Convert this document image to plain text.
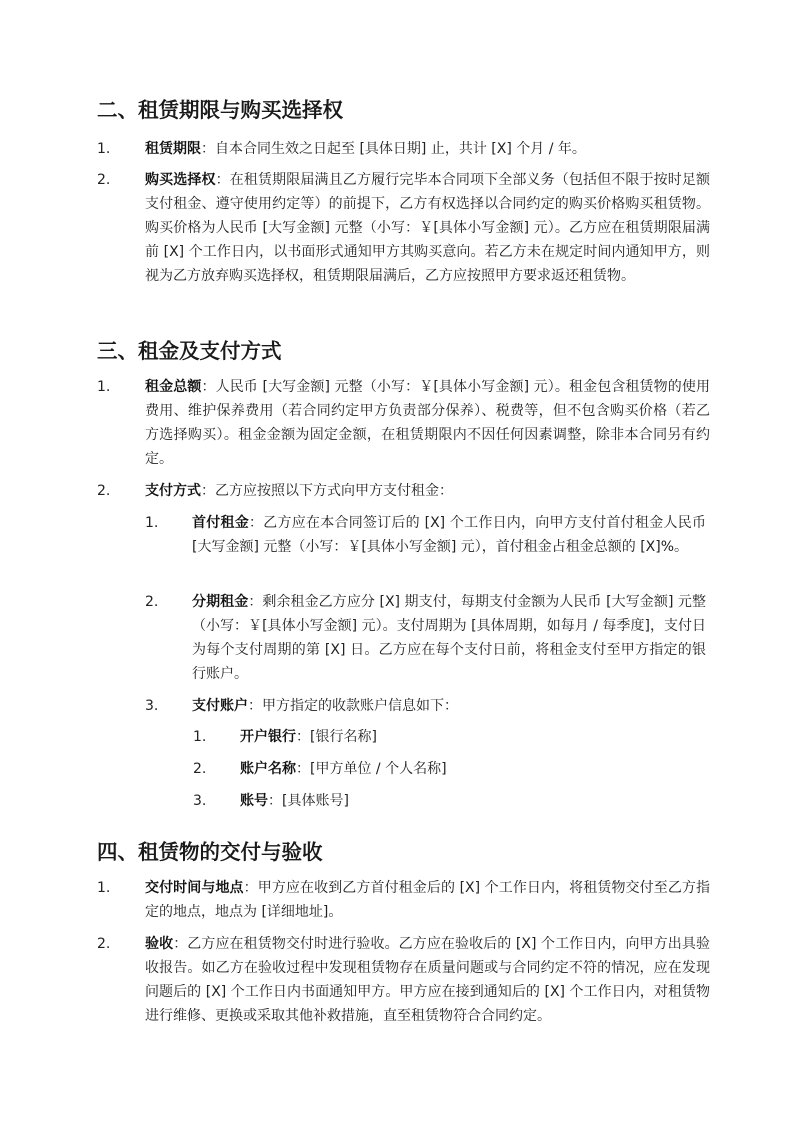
二、租赁期限与购买选择权
1. 租赁期限：自本合同生效之日起至 [具体日期] 止，共计 [X] 个月 / 年。
2. 购买选择权：在租赁期限届满且乙方履行完毕本合同项下全部义务（包括但不限于按时足额支付租金、遵守使用约定等）的前提下，乙方有权选择以合同约定的购买价格购买租赁物。购买价格为人民币 [大写金额] 元整（小写：￥[具体小写金额] 元）。乙方应在租赁期限届满前 [X] 个工作日内，以书面形式通知甲方其购买意向。若乙方未在规定时间内通知甲方，则视为乙方放弃购买选择权，租赁期限届满后，乙方应按照甲方要求返还租赁物。
三、租金及支付方式
1. 租金总额：人民币 [大写金额] 元整（小写：￥[具体小写金额] 元）。租金包含租赁物的使用费用、维护保养费用（若合同约定甲方负责部分保养）、税费等，但不包含购买价格（若乙方选择购买）。租金金额为固定金额，在租赁期限内不因任何因素调整，除非本合同另有约定。
2. 支付方式：乙方应按照以下方式向甲方支付租金：
1. 首付租金：乙方应在本合同签订后的 [X] 个工作日内，向甲方支付首付租金人民币 [大写金额] 元整（小写：￥[具体小写金额] 元），首付租金占租金总额的 [X]%。
2. 分期租金：剩余租金乙方应分 [X] 期支付，每期支付金额为人民币 [大写金额] 元整（小写：￥[具体小写金额] 元）。支付周期为 [具体周期，如每月 / 每季度]，支付日为每个支付周期的第 [X] 日。乙方应在每个支付日前，将租金支付至甲方指定的银行账户。
3. 支付账户：甲方指定的收款账户信息如下：
1. 开户银行：[银行名称]
2. 账户名称：[甲方单位 / 个人名称]
3. 账号：[具体账号]
四、租赁物的交付与验收
1. 交付时间与地点：甲方应在收到乙方首付租金后的 [X] 个工作日内，将租赁物交付至乙方指定的地点，地点为 [详细地址]。
2. 验收：乙方应在租赁物交付时进行验收。乙方应在验收后的 [X] 个工作日内，向甲方出具验收报告。如乙方在验收过程中发现租赁物存在质量问题或与合同约定不符的情况，应在发现问题后的 [X] 个工作日内书面通知甲方。甲方应在接到通知后的 [X] 个工作日内，对租赁物进行维修、更换或采取其他补救措施，直至租赁物符合合同约定。
